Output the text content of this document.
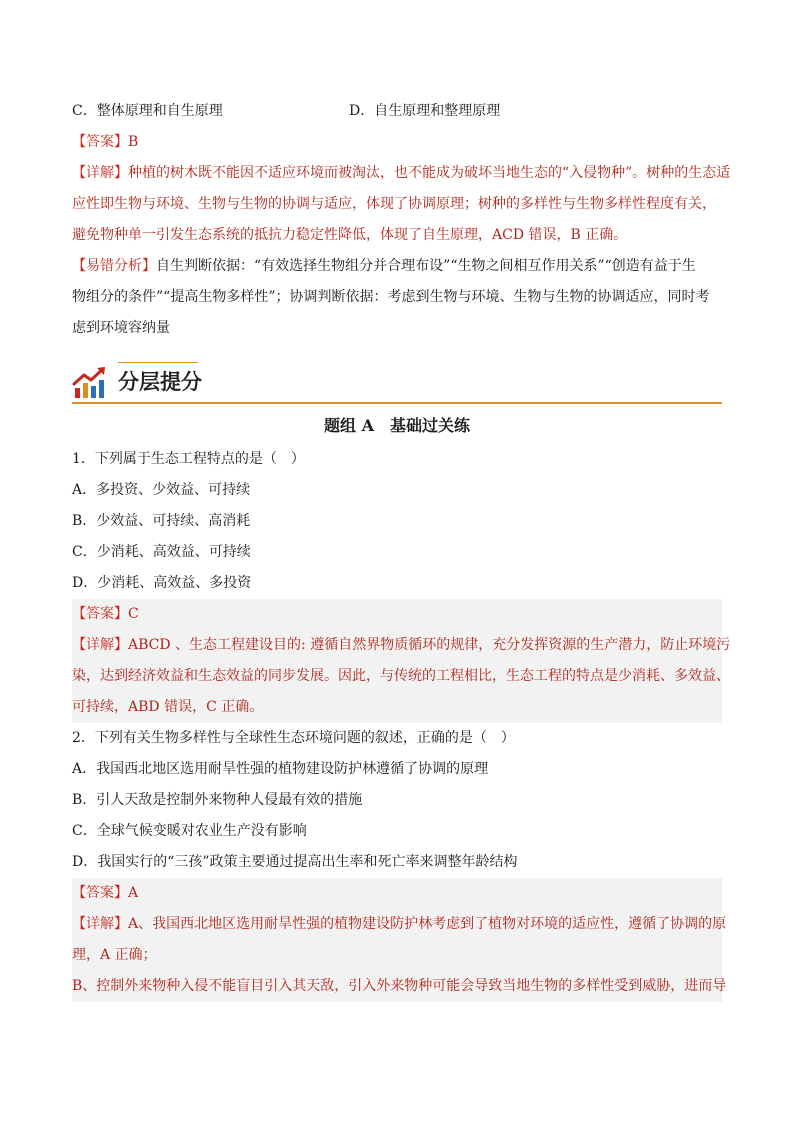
C．整体原理和自生原理	D．自生原理和整理原理
【答案】B
【详解】种植的树木既不能因不适应环境而被淘汰，也不能成为破坏当地生态的“入侵物种”。树种的生态适
应性即生物与环境、生物与生物的协调与适应，体现了协调原理；树种的多样性与生物多样性程度有关，
避免物种单一引发生态系统的抵抗力稳定性降低，体现了自生原理，ACD 错误，B 正确。
【易错分析】自生判断依据：“有效选择生物组分并合理布设”“生物之间相互作用关系”“创造有益于生
物组分的条件”“提高生物多样性”；协调判断依据：考虑到生物与环境、生物与生物的协调适应，同时考
虑到环境容纳量
分层提分
题组 A　基础过关练
1．下列属于生态工程特点的是（　）
A．多投资、少效益、可持续
B．少效益、可持续、高消耗
C．少消耗、高效益、可持续
D．少消耗、高效益、多投资
【答案】C
【详解】ABCD 、生态工程建设目的: 遵循自然界物质循环的规律，充分发挥资源的生产潜力，防止环境污
染，达到经济效益和生态效益的同步发展。因此，与传统的工程相比，生态工程的特点是少消耗、多效益、
可持续，ABD 错误，C 正确。
2．下列有关生物多样性与全球性生态环境问题的叙述，正确的是（　）
A．我国西北地区选用耐旱性强的植物建设防护林遵循了协调的原理
B．引人天敌是控制外来物种人侵最有效的措施
C．全球气候变暖对农业生产没有影响
D．我国实行的“三孩”政策主要通过提高出生率和死亡率来调整年龄结构
【答案】A
【详解】A、我国西北地区选用耐旱性强的植物建设防护林考虑到了植物对环境的适应性，遵循了协调的原
理，A 正确；
B、控制外来物种入侵不能盲目引入其天敌，引入外来物种可能会导致当地生物的多样性受到威胁，进而导
